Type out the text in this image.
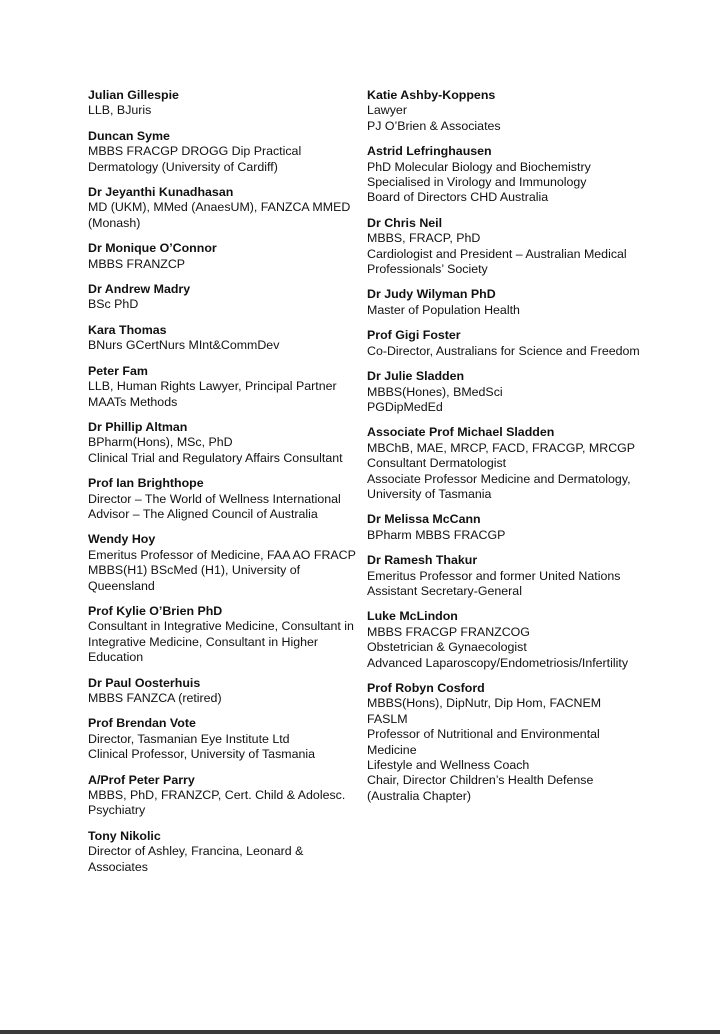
Julian Gillespie
LLB, BJuris
Duncan Syme
MBBS FRACGP DROGG Dip Practical
Dermatology (University of Cardiff)
Dr Jeyanthi Kunadhasan
MD (UKM), MMed (AnaesUM), FANZCA MMED
(Monash)
Dr Monique O’Connor
MBBS FRANZCP
Dr Andrew Madry
BSc PhD
Kara Thomas
BNurs GCertNurs MInt&CommDev
Peter Fam
LLB, Human Rights Lawyer, Principal Partner
MAATs Methods
Dr Phillip Altman
BPharm(Hons), MSc, PhD
Clinical Trial and Regulatory Affairs Consultant
Prof Ian Brighthope
Director – The World of Wellness International
Advisor – The Aligned Council of Australia
Wendy Hoy
Emeritus Professor of Medicine, FAA AO FRACP
MBBS(H1) BScMed (H1), University of
Queensland
Prof Kylie O’Brien PhD
Consultant in Integrative Medicine, Consultant in
Integrative Medicine, Consultant in Higher
Education
Dr Paul Oosterhuis
MBBS FANZCA (retired)
Prof Brendan Vote
Director, Tasmanian Eye Institute Ltd
Clinical Professor, University of Tasmania
A/Prof Peter Parry
MBBS, PhD, FRANZCP, Cert. Child & Adolesc.
Psychiatry
Tony Nikolic
Director of Ashley, Francina, Leonard &
Associates
Katie Ashby-Koppens
Lawyer
PJ O’Brien & Associates
Astrid Lefringhausen
PhD Molecular Biology and Biochemistry
Specialised in Virology and Immunology
Board of Directors CHD Australia
Dr Chris Neil
MBBS, FRACP, PhD
Cardiologist and President – Australian Medical
Professionals’ Society
Dr Judy Wilyman PhD
Master of Population Health
Prof Gigi Foster
Co-Director, Australians for Science and Freedom
Dr Julie Sladden
MBBS(Hones), BMedSci
PGDipMedEd
Associate Prof Michael Sladden
MBChB, MAE, MRCP, FACD, FRACGP, MRCGP
Consultant Dermatologist
Associate Professor Medicine and Dermatology,
University of Tasmania
Dr Melissa McCann
BPharm MBBS FRACGP
Dr Ramesh Thakur
Emeritus Professor and former United Nations
Assistant Secretary-General
Luke McLindon
MBBS FRACGP FRANZCOG
Obstetrician & Gynaecologist
Advanced Laparoscopy/Endometriosis/Infertility
Prof Robyn Cosford
MBBS(Hons), DipNutr, Dip Hom, FACNEM
FASLM
Professor of Nutritional and Environmental
Medicine
Lifestyle and Wellness Coach
Chair, Director Children’s Health Defense
(Australia Chapter)
